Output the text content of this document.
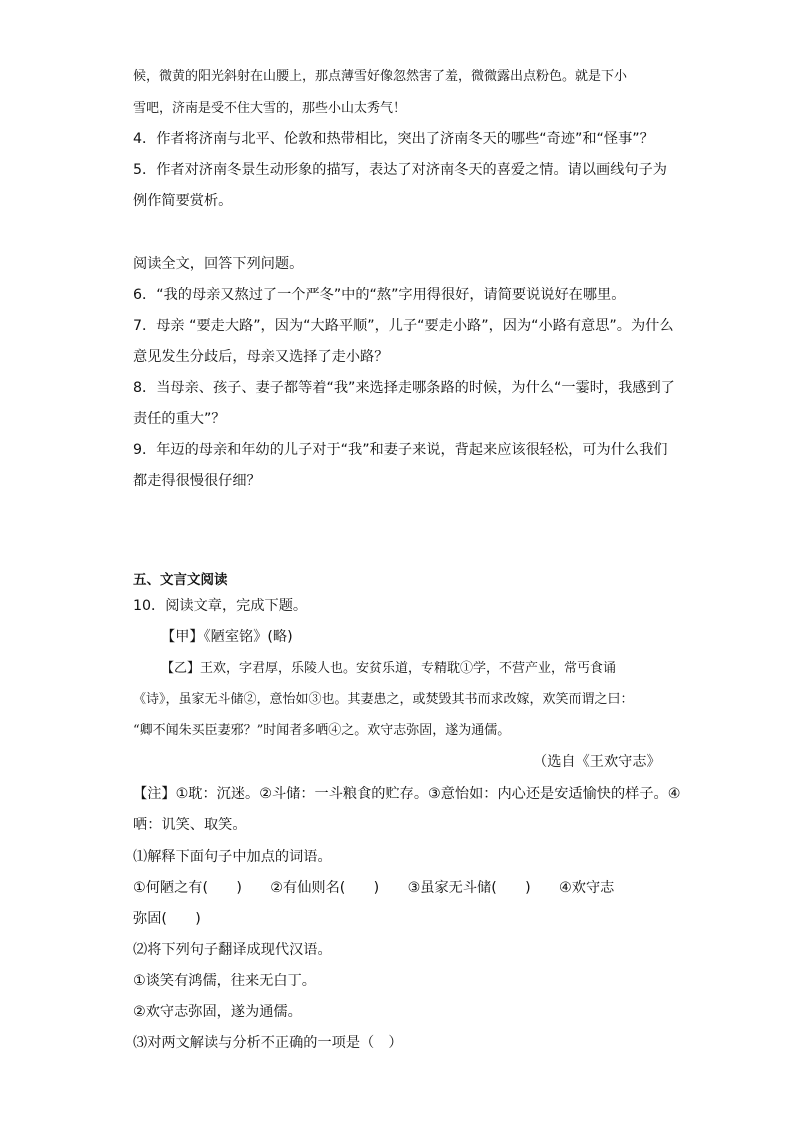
候，微黄的阳光斜射在山腰上，那点薄雪好像忽然害了羞，微微露出点粉色。就是下小
雪吧，济南是受不住大雪的，那些小山太秀气！
4．作者将济南与北平、伦敦和热带相比，突出了济南冬天的哪些“奇迹”和“怪事”？
5．作者对济南冬景生动形象的描写，表达了对济南冬天的喜爱之情。请以画线句子为
例作简要赏析。
阅读全文，回答下列问题。
6．“我的母亲又熬过了一个严冬”中的“熬”字用得很好，请简要说说好在哪里。
7．母亲 “要走大路”，因为“大路平顺”，儿子“要走小路”，因为“小路有意思”。为什么
意见发生分歧后，母亲又选择了走小路？
8．当母亲、孩子、妻子都等着“我”来选择走哪条路的时候，为什么“一霎时，我感到了
责任的重大”？
9．年迈的母亲和年幼的儿子对于“我”和妻子来说，背起来应该很轻松，可为什么我们
都走得很慢很仔细？
五、文言文阅读
10．阅读文章，完成下题。
【甲】《陋室铭》(略)
【乙】王欢，字君厚，乐陵人也。安贫乐道，专精耽①学，不营产业，常丐食诵
《诗》，虽家无斗储②，意怡如③也。其妻患之，或焚毁其书而求改嫁，欢笑而谓之曰：
“卿不闻朱买臣妻邪？”时闻者多哂④之。欢守志弥固，遂为通儒。
（选自《王欢守志》
【注】①耽：沉迷。②斗储：一斗粮食的贮存。③意怡如：内心还是安适愉快的样子。④
哂：讥笑、取笑。
⑴解释下面句子中加点的词语。
①何陋之有(　　)　　②有仙则名(　　)　　③虽家无斗储(　　)　　④欢守志
弥固(　　)
⑵将下列句子翻译成现代汉语。
①谈笑有鸿儒，往来无白丁。
②欢守志弥固，遂为通儒。
⑶对两文解读与分析不正确的一项是（　）
